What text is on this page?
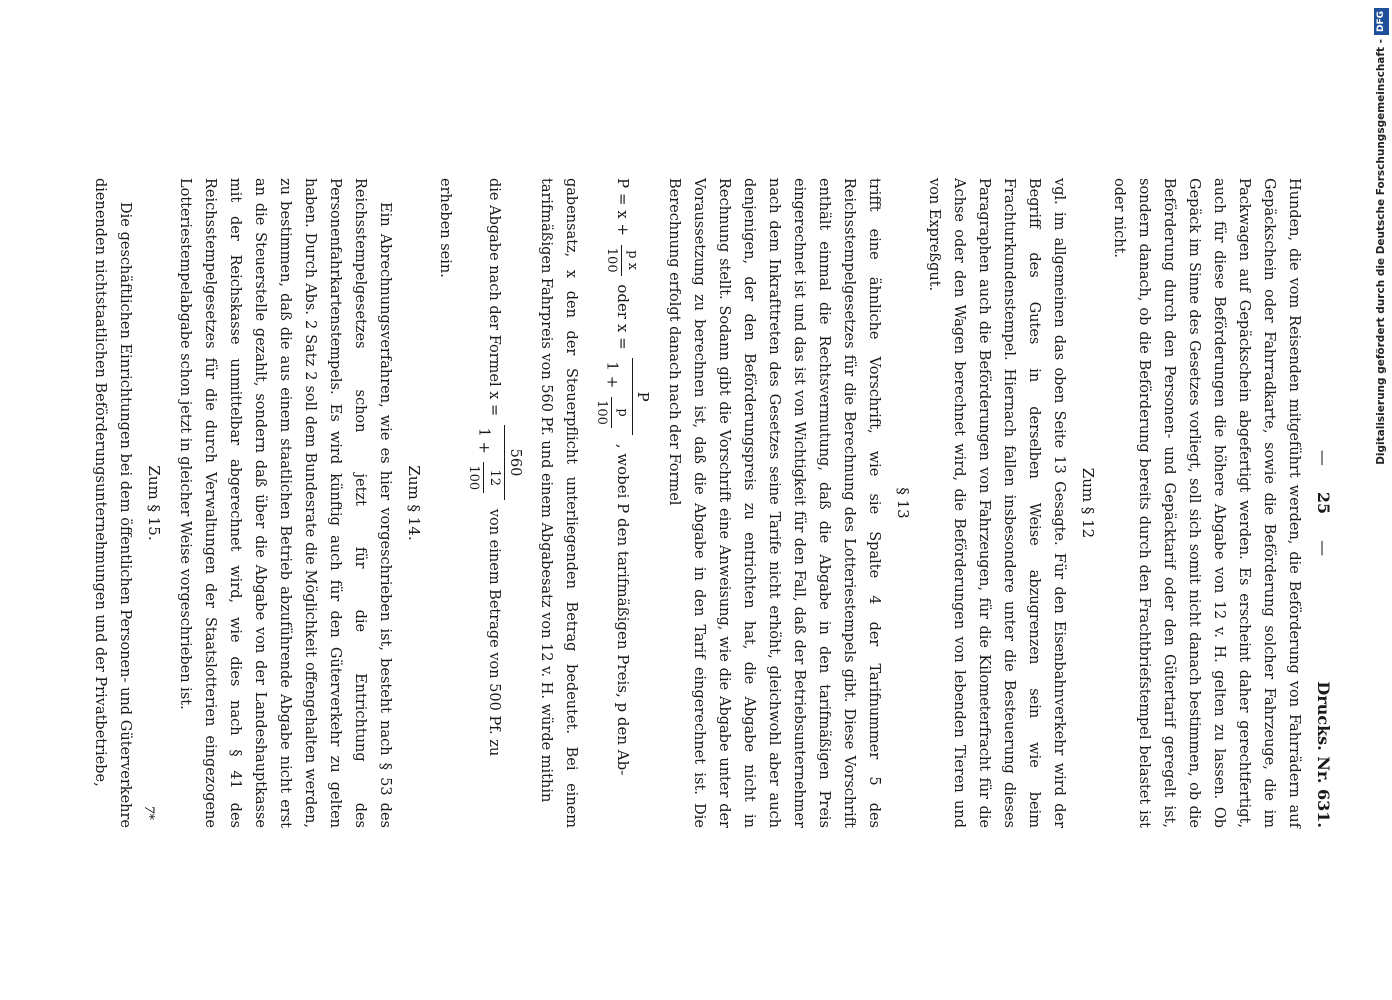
—25—
Drucks. Nr. 631.

Hunden, die vom Reisenden mitgeführt werden, die Beförderung von Fahrrädern auf Gepäckschein oder Fahrradkarte, sowie die Beförderung solcher Fahrzeuge, die im Packwagen auf Gepäckschein abgefertigt werden. Es erscheint daher gerechtfertigt, auch für diese Beförderungen die höhere Abgabe von 12 v. H. gelten zu lassen. Ob Gepäck im Sinne des Gesetzes vorliegt, soll sich somit nicht danach bestimmen, ob die Beförderung durch den Personen- und Gepäcktarif oder den Gütertarif geregelt ist, sondern danach, ob die Beförderung bereits durch den Frachtbriefstempel belastet ist oder nicht.

Zum § 12

vgl. im allgemeinen das oben Seite 13 Gesagte. Für den Eisenbahnverkehr wird der Begriff des Gutes in derselben Weise abzugrenzen sein wie beim Frachturkundenstempel. Hiernach fallen insbesondere unter die Besteuerung dieses Paragraphen auch die Beförderungen von Fahrzeugen, für die Kilometerfracht für die Achse oder den Wagen berechnet wird, die Beförderungen von lebenden Tieren und von Expreßgut.

§ 13

trifft eine ähnliche Vorschrift, wie sie Spalte 4 der Tarifnummer 5 des Reichsstempelgesetzes für die Berechnung des Lotteriestempels gibt. Diese Vorschrift enthält einmal die Rechtsvermutung, daß die Abgabe in den tarifmäßigen Preis eingerechnet ist und das ist von Wichtigkeit für den Fall, daß der Betriebsunternehmer nach dem Inkrafttreten des Gesetzes seine Tarife nicht erhöht, gleichwohl aber auch denjenigen, der den Beförderungspreis zu entrichten hat, die Abgabe nicht in Rechnung stellt. Sodann gibt die Vorschrift eine Anweisung, wie die Abgabe unter der Voraussetzung zu berechnen ist, daß die Abgabe in den Tarif eingerechnet ist. Die Berechnung erfolgt danach nach der Formel

P = x +
p x
100
oder x =
P
1 +
p
100
, wobei P den tarifmäßigen Preis, p den Ab-

gabensatz, x den der Steuerpflicht unterliegenden Betrag bedeutet. Bei einem tarifmäßigen Fahrpreis von 560 Pf. und einem Abgabesatz von 12 v. H. würde mithin

die Abgabe nach der Formel x =
560
1 +
12
100
von einem Betrage von 500 Pf. zu

erheben sein.

Zum § 14.

Ein Abrechnungsverfahren, wie es hier vorgeschrieben ist, besteht nach § 53 des Reichsstempelgesetzes schon jetzt für die Entrichtung des Personenfahrkartenstempels. Es wird künftig auch für den Güterverkehr zu gelten haben. Durch Abs. 2 Satz 2 soll dem Bundesrate die Möglichkeit offengehalten werden, zu bestimmen, daß die aus einem staatlichen Betrieb abzuführende Abgabe nicht erst an die Steuerstelle gezahlt, sondern daß über die Abgabe von der Landeshauptkasse mit der Reichskasse unmittelbar abgerechnet wird, wie dies nach § 41 des Reichsstempelgesetzes für die durch Verwaltungen der Staatslotterien eingezogene Lotteriestempelabgabe schon jetzt in gleicher Weise vorgeschrieben ist.

Zum § 15.

Die geschäftlichen Einrichtungen bei dem öffentlichen Personen- und Güterverkehre dienenden nichtstaatlichen Beförderungsunternehmungen und der Privatbetriebe,

7*
Digitalisierung gefördert durch die Deutsche Forschungsgemeinschaft -
DFG
